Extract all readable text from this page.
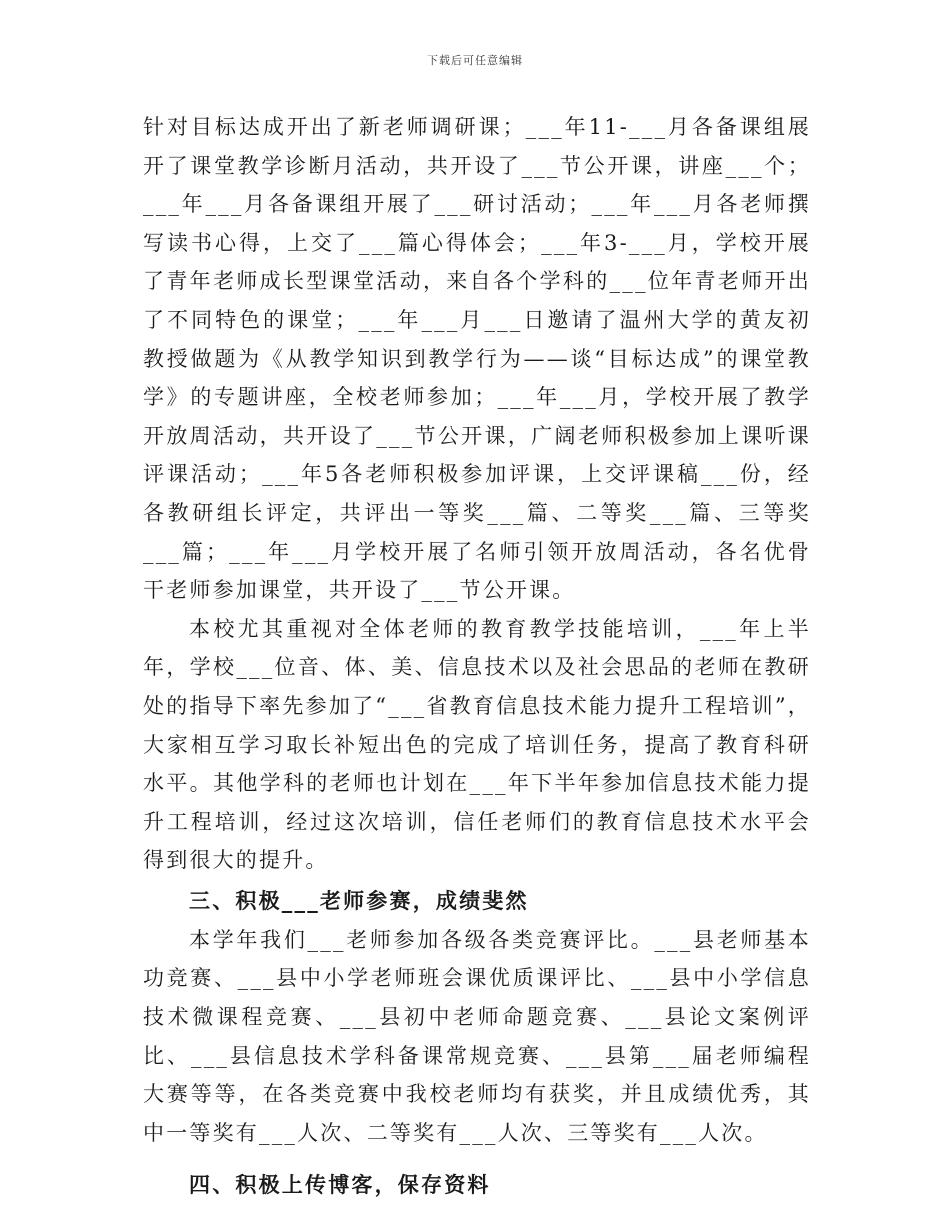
下载后可任意编辑

针对目标达成开出了新老师调研课；___年11-___月各备课组展开了课堂教学诊断月活动，共开设了___节公开课，讲座___个；___年___月各备课组开展了___研讨活动；___年___月各老师撰写读书心得，上交了___篇心得体会；___年3-___月，学校开展了青年老师成长型课堂活动，来自各个学科的___位年青老师开出了不同特色的课堂；___年___月___日邀请了温州大学的黄友初教授做题为《从教学知识到教学行为——谈“目标达成”的课堂教学》的专题讲座，全校老师参加；___年___月，学校开展了教学开放周活动，共开设了___节公开课，广阔老师积极参加上课听课评课活动；___年5各老师积极参加评课，上交评课稿___份，经各教研组长评定，共评出一等奖___篇、二等奖___篇、三等奖___篇；___年___月学校开展了名师引领开放周活动，各名优骨干老师参加课堂，共开设了___节公开课。

本校尤其重视对全体老师的教育教学技能培训，___年上半年，学校___位音、体、美、信息技术以及社会思品的老师在教研处的指导下率先参加了“___省教育信息技术能力提升工程培训”，大家相互学习取长补短出色的完成了培训任务，提高了教育科研水平。其他学科的老师也计划在___年下半年参加信息技术能力提升工程培训，经过这次培训，信任老师们的教育信息技术水平会得到很大的提升。

三、积极___老师参赛，成绩斐然

本学年我们___老师参加各级各类竞赛评比。___县老师基本功竞赛、___县中小学老师班会课优质课评比、___县中小学信息技术微课程竞赛、___县初中老师命题竞赛、___县论文案例评比、___县信息技术学科备课常规竞赛、___县第___届老师编程大赛等等，在各类竞赛中我校老师均有获奖，并且成绩优秀，其中一等奖有___人次、二等奖有___人次、三等奖有___人次。

四、积极上传博客，保存资料
